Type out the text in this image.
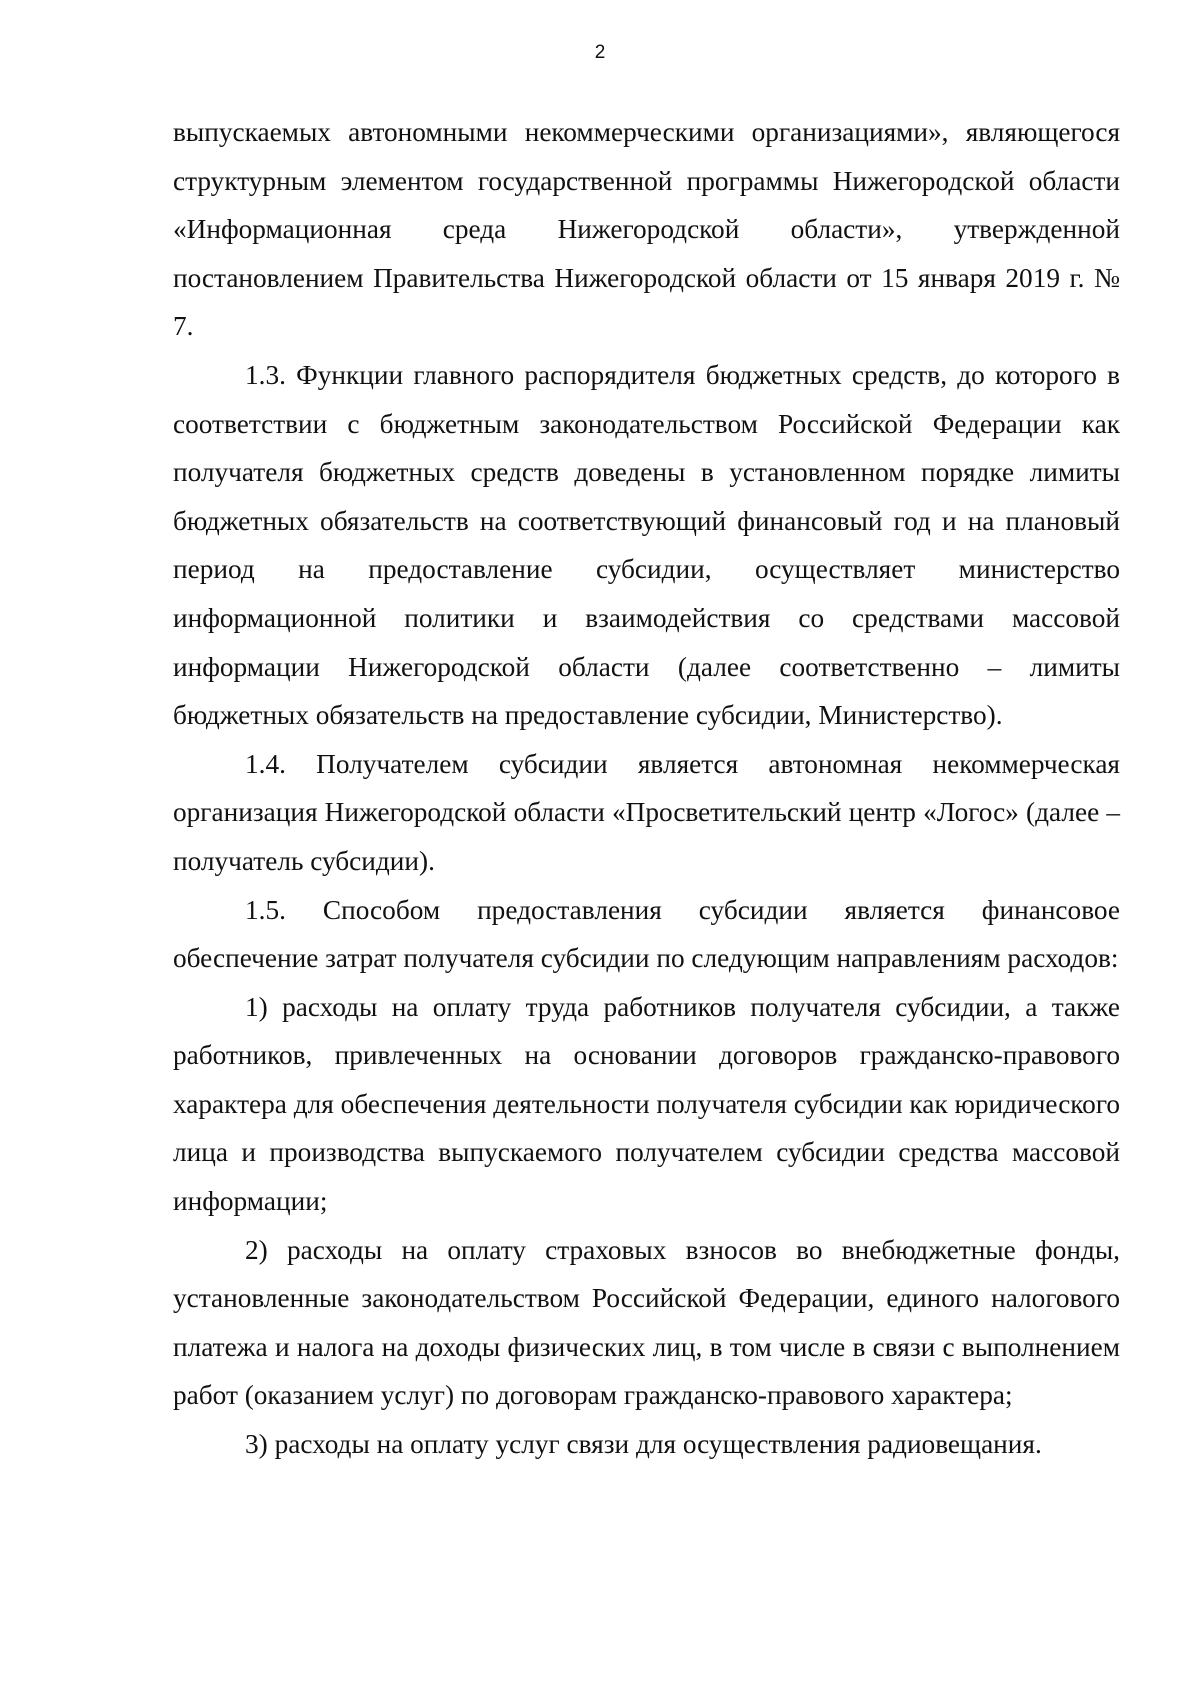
2

выпускаемых автономными некоммерческими организациями», являющегося структурным элементом государственной программы Нижегородской области «Информационная среда Нижегородской области», утвержденной постановлением Правительства Нижегородской области от 15 января 2019 г. № 7.

1.3. Функции главного распорядителя бюджетных средств, до которого в соответствии с бюджетным законодательством Российской Федерации как получателя бюджетных средств доведены в установленном порядке лимиты бюджетных обязательств на соответствующий финансовый год и на плановый период на предоставление субсидии, осуществляет министерство информационной политики и взаимодействия со средствами массовой информации Нижегородской области (далее соответственно – лимиты бюджетных обязательств на предоставление субсидии, Министерство).

1.4. Получателем субсидии является автономная некоммерческая организация Нижегородской области «Просветительский центр «Логос» (далее – получатель субсидии).

1.5. Способом предоставления субсидии является финансовое обеспечение затрат получателя субсидии по следующим направлениям расходов:

1) расходы на оплату труда работников получателя субсидии, а также работников, привлеченных на основании договоров гражданско-правового характера для обеспечения деятельности получателя субсидии как юридического лица и производства выпускаемого получателем субсидии средства массовой информации;

2) расходы на оплату страховых взносов во внебюджетные фонды, установленные законодательством Российской Федерации, единого налогового платежа и налога на доходы физических лиц, в том числе в связи с выполнением работ (оказанием услуг) по договорам гражданско-правового характера;

3) расходы на оплату услуг связи для осуществления радиовещания.
